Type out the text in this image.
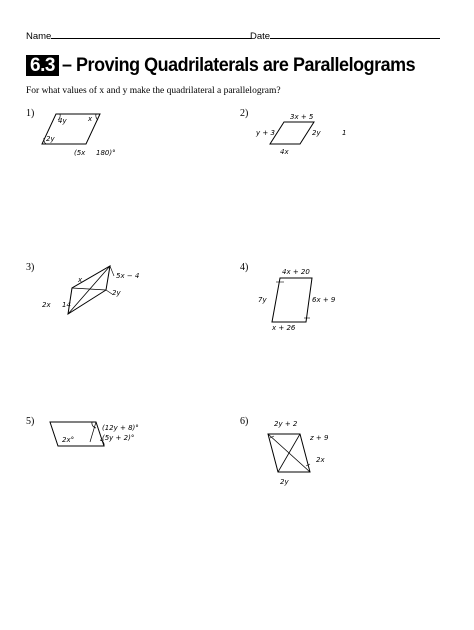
Name	Date
6.3 – Proving Quadrilaterals are Parallelograms
For what values of x and y make the quadrilateral a parallelogram?
1)	2)
3)	4)
5)	6)
4y	x
2y
(5x 180)°
3x + 5
y + 3	2y	1
4x
5x − 4
x
2y
2x 14
4x + 20
7y	6x + 9
x + 26
(12y + 8)°
2x°	(5y + 2)°
2y + 2
z + 9
2x
2y
